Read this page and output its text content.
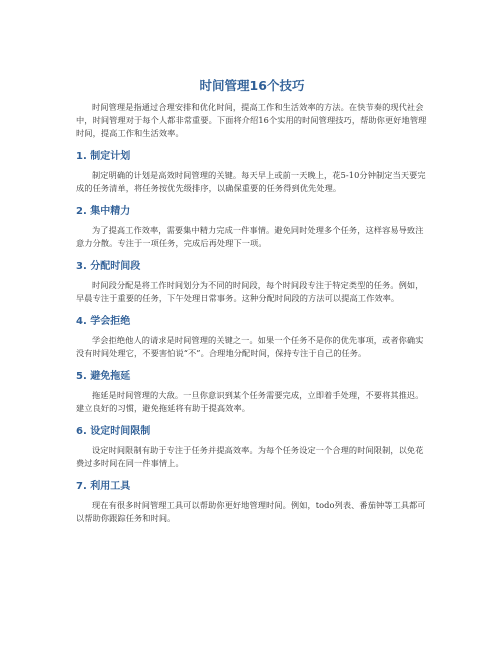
时间管理16个技巧

时间管理是指通过合理安排和优化时间，提高工作和生活效率的方法。在快节奏的现代社会中，时间管理对于每个人都非常重要。下面将介绍16个实用的时间管理技巧，帮助你更好地管理时间，提高工作和生活效率。

1. 制定计划

制定明确的计划是高效时间管理的关键。每天早上或前一天晚上，花5-10分钟制定当天要完成的任务清单，将任务按优先级排序，以确保重要的任务得到优先处理。

2. 集中精力

为了提高工作效率，需要集中精力完成一件事情。避免同时处理多个任务，这样容易导致注意力分散。专注于一项任务，完成后再处理下一项。

3. 分配时间段

时间段分配是将工作时间划分为不同的时间段，每个时间段专注于特定类型的任务。例如，早晨专注于重要的任务，下午处理日常事务。这种分配时间段的方法可以提高工作效率。

4. 学会拒绝

学会拒绝他人的请求是时间管理的关键之一。如果一个任务不是你的优先事项，或者你确实没有时间处理它，不要害怕说“不”。合理地分配时间，保持专注于自己的任务。

5. 避免拖延

拖延是时间管理的大敌。一旦你意识到某个任务需要完成，立即着手处理，不要将其推迟。建立良好的习惯，避免拖延将有助于提高效率。

6. 设定时间限制

设定时间限制有助于专注于任务并提高效率。为每个任务设定一个合理的时间限制，以免花费过多时间在同一件事情上。

7. 利用工具

现在有很多时间管理工具可以帮助你更好地管理时间。例如，todo列表、番茄钟等工具都可以帮助你跟踪任务和时间。
